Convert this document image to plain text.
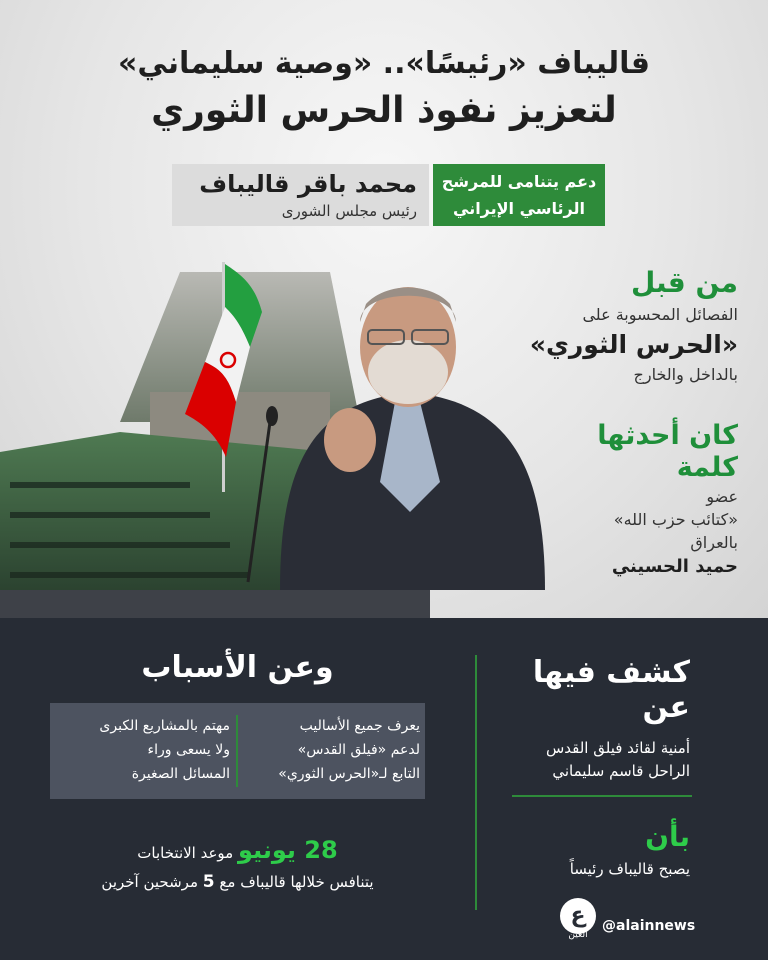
قاليباف «رئيسًا».. «وصية سليماني»
لتعزيز نفوذ الحرس الثوري
محمد باقر قاليباف
رئيس مجلس الشورى
دعم يتنامى للمرشح
الرئاسي الإيراني
من قبل
الفصائل المحسوبة على
«الحرس الثوري»
بالداخل والخارج
كان أحدثها
كلمة
عضو
«كتائب حزب الله»
بالعراق
حميد الحسيني
وعن الأسباب
يعرف جميع الأساليب
لدعم «فيلق القدس»
التابع لـ«الحرس الثوري»
مهتم بالمشاريع الكبرى
ولا يسعى وراء
المسائل الصغيرة
28 يونيو موعد الانتخابات
يتنافس خلالها قاليباف مع 5 مرشحين آخرين
كشف فيها
عن
أمنية لقائد فيلق القدس
الراحل قاسم سليماني
بأن
يصبح قاليباف رئيساً
ع
العين
@alainnews
